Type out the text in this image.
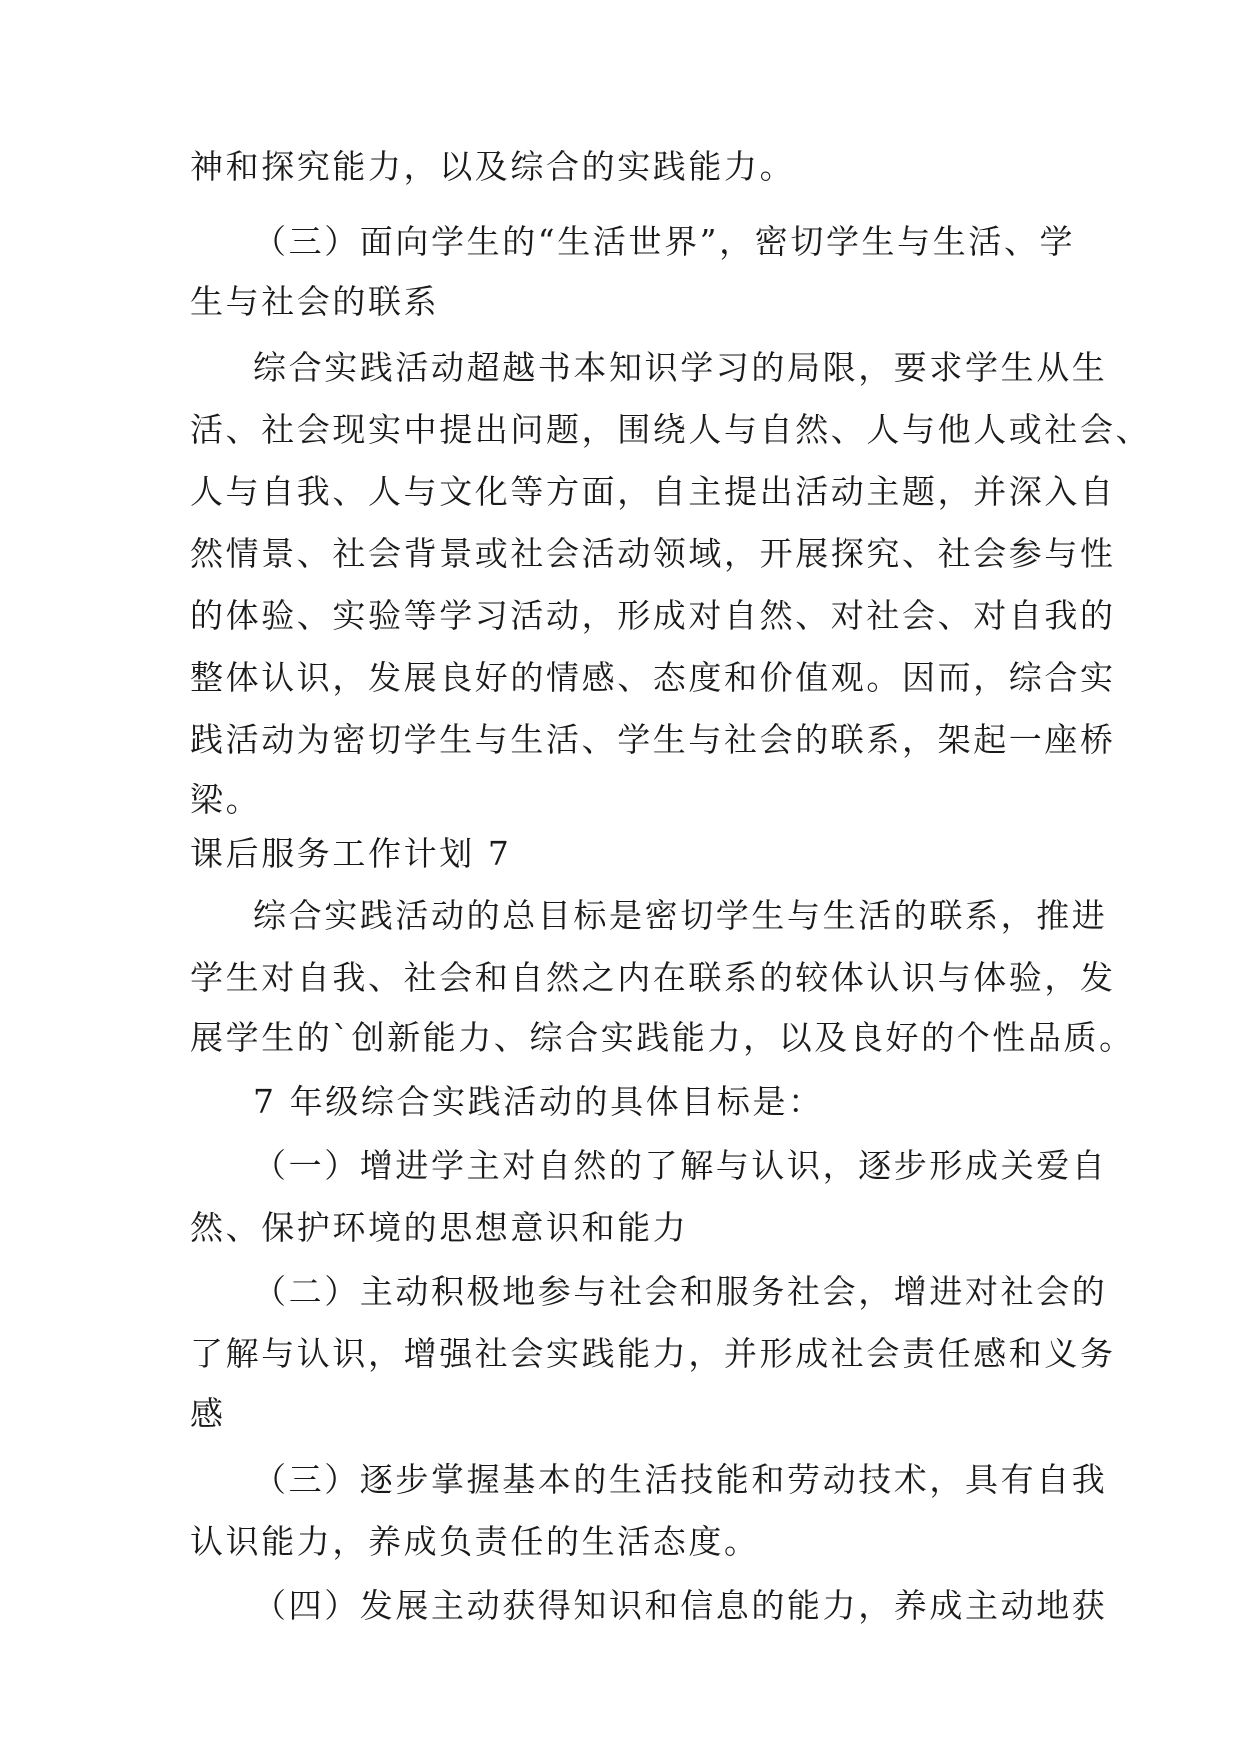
神和探究能力，以及综合的实践能力。
（三）面向学生的“生活世界”，密切学生与生活、学
生与社会的联系
综合实践活动超越书本知识学习的局限，要求学生从生
活、社会现实中提出问题，围绕人与自然、人与他人或社会、
人与自我、人与文化等方面，自主提出活动主题，并深入自
然情景、社会背景或社会活动领域，开展探究、社会参与性
的体验、实验等学习活动，形成对自然、对社会、对自我的
整体认识，发展良好的情感、态度和价值观。因而，综合实
践活动为密切学生与生活、学生与社会的联系，架起一座桥
梁。
课后服务工作计划 7
综合实践活动的总目标是密切学生与生活的联系，推进
学生对自我、社会和自然之内在联系的较体认识与体验，发
展学生的`创新能力、综合实践能力，以及良好的个性品质。
7 年级综合实践活动的具体目标是：
（一）增进学主对自然的了解与认识，逐步形成关爱自
然、保护环境的思想意识和能力
（二）主动积极地参与社会和服务社会，增进对社会的
了解与认识，增强社会实践能力，并形成社会责任感和义务
感
（三）逐步掌握基本的生活技能和劳动技术，具有自我
认识能力，养成负责任的生活态度。
（四）发展主动获得知识和信息的能力，养成主动地获
